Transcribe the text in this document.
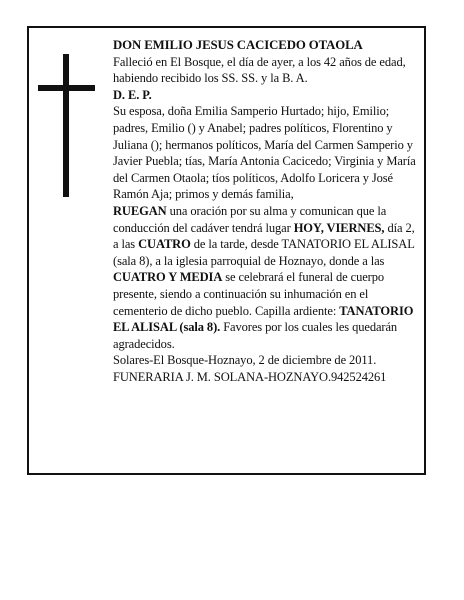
DON EMILIO JESUS CACICEDO OTAOLA

Falleció en El Bosque, el día de ayer, a los 42 años de edad, habiendo recibido los SS. SS. y la B. A.

D. E. P.

Su esposa, doña Emilia Samperio Hurtado; hijo, Emilio; padres, Emilio () y Anabel; padres políticos, Florentino y Juliana (); hermanos políticos, María del Carmen Samperio y Javier Puebla; tías, María Antonia Cacicedo; Virginia y María del Carmen Otaola; tíos políticos, Adolfo Loricera y José Ramón Aja; primos y demás familia,

RUEGAN una oración por su alma y comunican que la conducción del cadáver tendrá lugar HOY, VIERNES, día 2, a las CUATRO de la tarde, desde TANATORIO EL ALISAL (sala 8), a la iglesia parroquial de Hoznayo, donde a las CUATRO Y MEDIA se celebrará el funeral de cuerpo presente, siendo a continuación su inhumación en el cementerio de dicho pueblo. Capilla ardiente: TANATORIO EL ALISAL (sala 8). Favores por los cuales les quedarán agradecidos.

Solares-El Bosque-Hoznayo, 2 de diciembre de 2011.

FUNERARIA J. M. SOLANA-HOZNAYO.942524261
